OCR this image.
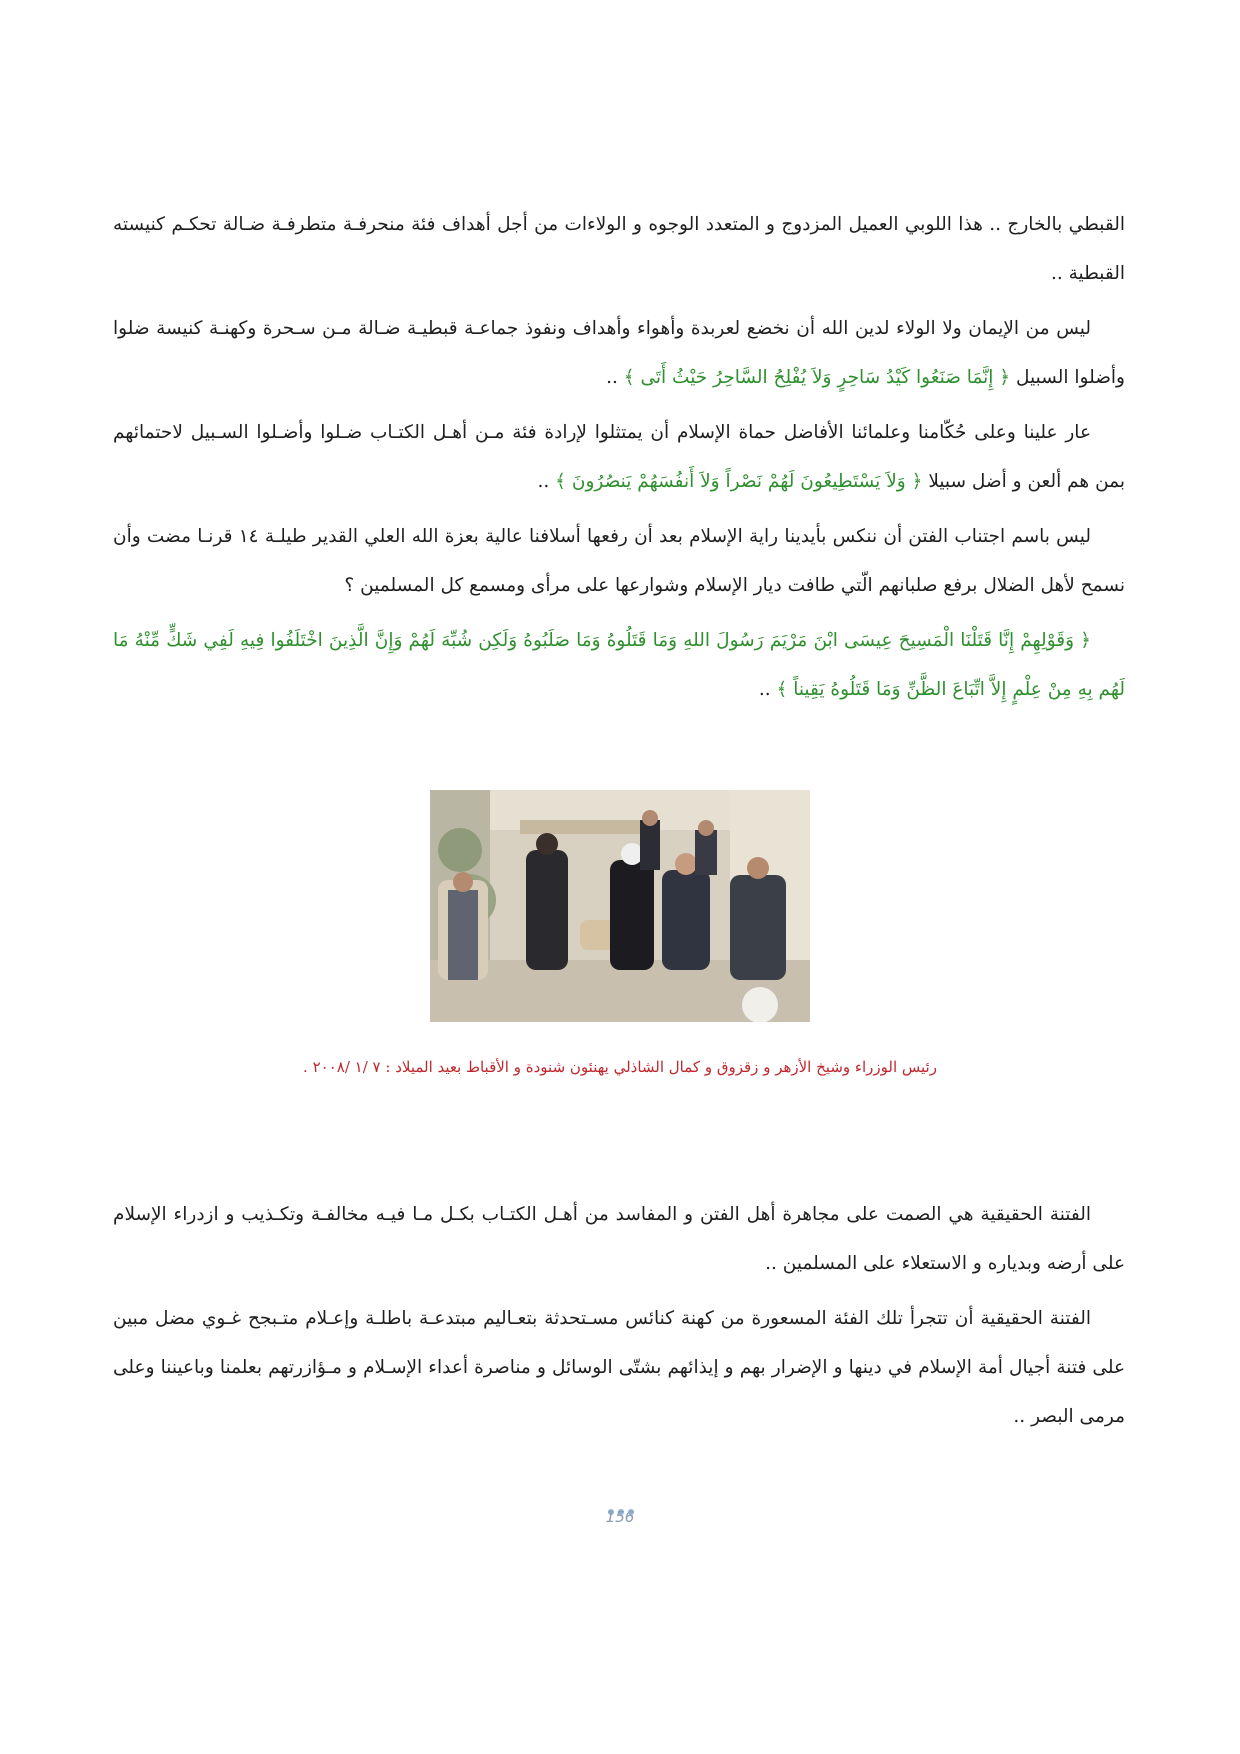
القبطي بالخارج .. هذا اللوبي العميل المزدوج و المتعدد الوجوه و الولاءات من أجل أهداف فئة منحرفـة متطرفـة ضـالة تحكـم كنيسته القبطية ..

ليس من الإيمان ولا الولاء لدين الله أن نخضع لعربدة وأهواء وأهداف ونفوذ جماعـة قبطيـة ضـالة مـن سـحرة وكهنـة كنيسة ضلوا وأضلوا السبيل ﴿ إِنَّمَا صَنَعُوا كَيْدُ سَاحِرٍ وَلاَ يُفْلِحُ السَّاحِرُ حَيْثُ أَتَى ﴾ ..

عار علينا وعلى حُكّامنا وعلمائنا الأفاضل حماة الإسلام أن يمتثلوا لإرادة فئة مـن أهـل الكتـاب ضـلوا وأضـلوا السـبيل لاحتمائهم بمن هم ألعن و أضل سبيلا ﴿ وَلاَ يَسْتَطِيعُونَ لَهُمْ نَصْراً وَلاَ أَنفُسَهُمْ يَنصُرُونَ ﴾ ..

ليس باسم اجتناب الفتن أن ننكس بأيدينا راية الإسلام بعد أن رفعها أسلافنا عالية بعزة الله العلي القدير طيلـة ١٤ قرنـا مضت وأن نسمح لأهل الضلال برفع صلبانهم الّتي طافت ديار الإسلام وشوارعها على مرأى ومسمع كل المسلمين ؟

﴿ وَقَوْلِهِمْ إِنَّا قَتَلْنَا الْمَسِيحَ عِيسَى ابْنَ مَرْيَمَ رَسُولَ اللهِ وَمَا قَتَلُوهُ وَمَا صَلَبُوهُ وَلَكِن شُبِّهَ لَهُمْ وَإِنَّ الَّذِينَ اخْتَلَفُوا فِيهِ لَفِي شَكٍّ مِّنْهُ مَا لَهُم بِهِ مِنْ عِلْمٍ إِلاَّ اتِّبَاعَ الظَّنِّ وَمَا قَتَلُوهُ يَقِيناً ﴾ ..

رئيس الوزراء وشيخ الأزهر و زقزوق و كمال الشاذلي يهنئون شنودة و الأقباط بعيد الميلاد : ٧ /١ /٢٠٠٨ .

الفتنة الحقيقية هي الصمت على مجاهرة أهل الفتن و المفاسد من أهـل الكتـاب بكـل مـا فيـه مخالفـة وتكـذيب و ازدراء الإسلام على أرضه وبدياره و الاستعلاء على المسلمين ..

الفتنة الحقيقية أن تتجرأ تلك الفئة المسعورة من كهنة كنائس مسـتحدثة بتعـاليم مبتدعـة باطلـة وإعـلام متـبجح غـوي مضل مبين على فتنة أجيال أمة الإسلام في دينها و الإضرار بهم و إيذائهم بشتّى الوسائل و مناصرة أعداء الإسـلام و مـؤازرتهم بعلمنا وباعيننا وعلى مرمى البصر ..

156
